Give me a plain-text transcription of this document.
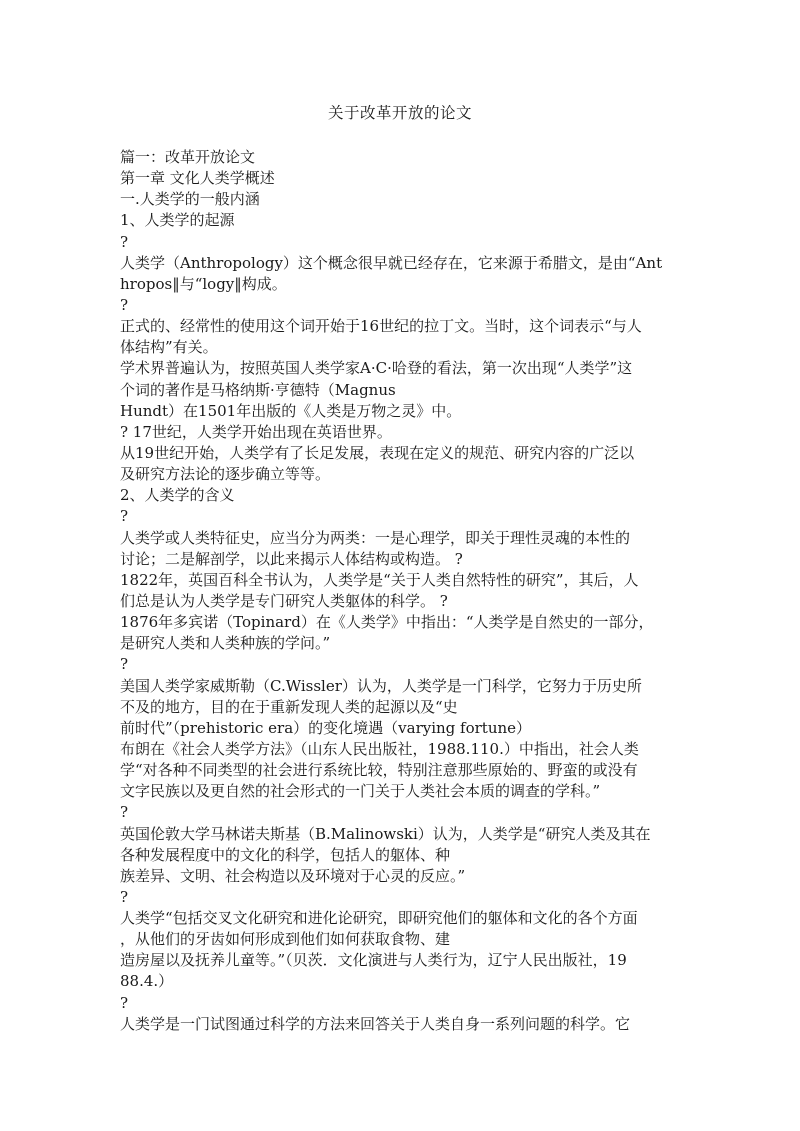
关于改革开放的论文
篇一：改革开放论文
第一章 文化人类学概述
一.人类学的一般内涵
1、人类学的起源
?
人类学（Anthropology）这个概念很早就已经存在，它来源于希腊文，是由“Ant
hropos‖与“logy‖构成。
?
正式的、经常性的使用这个词开始于16世纪的拉丁文。当时，这个词表示“与人
体结构”有关。
学术界普遍认为，按照英国人类学家A·C·哈登的看法，第一次出现“人类学”这
个词的著作是马格纳斯·亨德特（Magnus
Hundt）在1501年出版的《人类是万物之灵》中。
? 17世纪，人类学开始出现在英语世界。
从19世纪开始，人类学有了长足发展，表现在定义的规范、研究内容的广泛以
及研究方法论的逐步确立等等。
2、人类学的含义
?
人类学或人类特征史，应当分为两类：一是心理学，即关于理性灵魂的本性的
讨论；二是解剖学，以此来揭示人体结构或构造。 ?
1822年，英国百科全书认为，人类学是“关于人类自然特性的研究”，其后，人
们总是认为人类学是专门研究人类躯体的科学。 ?
1876年多宾诺（Topinard）在《人类学》中指出：“人类学是自然史的一部分，
是研究人类和人类种族的学问。”
?
美国人类学家威斯勒（C.Wissler）认为，人类学是一门科学，它努力于历史所
不及的地方，目的在于重新发现人类的起源以及“史
前时代”（prehistoric era）的变化境遇（varying fortune）
布朗在《社会人类学方法》（山东人民出版社，1988.110.）中指出，社会人类
学“对各种不同类型的社会进行系统比较，特别注意那些原始的、野蛮的或没有
文字民族以及更自然的社会形式的一门关于人类社会本质的调查的学科。”
?
英国伦敦大学马林诺夫斯基（B.Malinowski）认为，人类学是“研究人类及其在
各种发展程度中的文化的科学，包括人的躯体、种
族差异、文明、社会构造以及环境对于心灵的反应。”
?
人类学“包括交叉文化研究和进化论研究，即研究他们的躯体和文化的各个方面
，从他们的牙齿如何形成到他们如何获取食物、建
造房屋以及抚养儿童等。”（贝茨．文化演进与人类行为，辽宁人民出版社，19
88.4.）
?
人类学是一门试图通过科学的方法来回答关于人类自身一系列问题的科学。它
